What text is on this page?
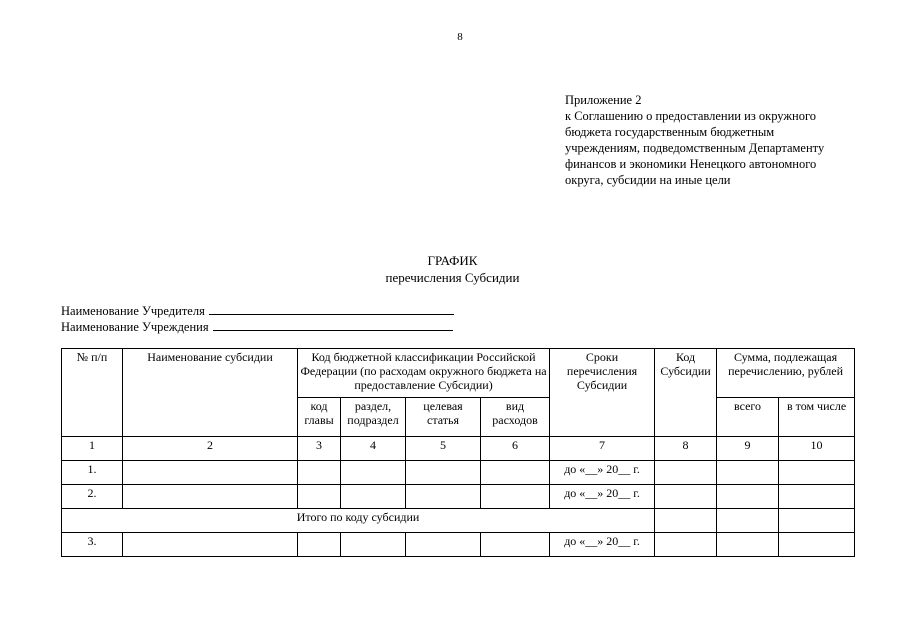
8
Приложение 2
к Соглашению о предоставлении из окружного
бюджета государственным бюджетным
учреждениям, подведомственным Департаменту
финансов и экономики Ненецкого автономного
округа, субсидии на иные цели
ГРАФИК
перечисления Субсидии
Наименование Учредителя
Наименование Учреждения
№ п/п	Наименование субсидии	Код бюджетной классификации Российской Федерации (по расходам окружного бюджета на предоставление Субсидии)				Сроки перечисления Субсидии	Код Субсидии	Сумма, подлежащая перечислению, рублей	
		код главы	раздел, подраздел	целевая статья	вид расходов			всего	в том числе
1	2	3	4	5	6	7	8	9	10
1.						до «__» 20__ г.			
2.						до «__» 20__ г.			
Итого по коду субсидии									
3.						до «__» 20__ г.			
